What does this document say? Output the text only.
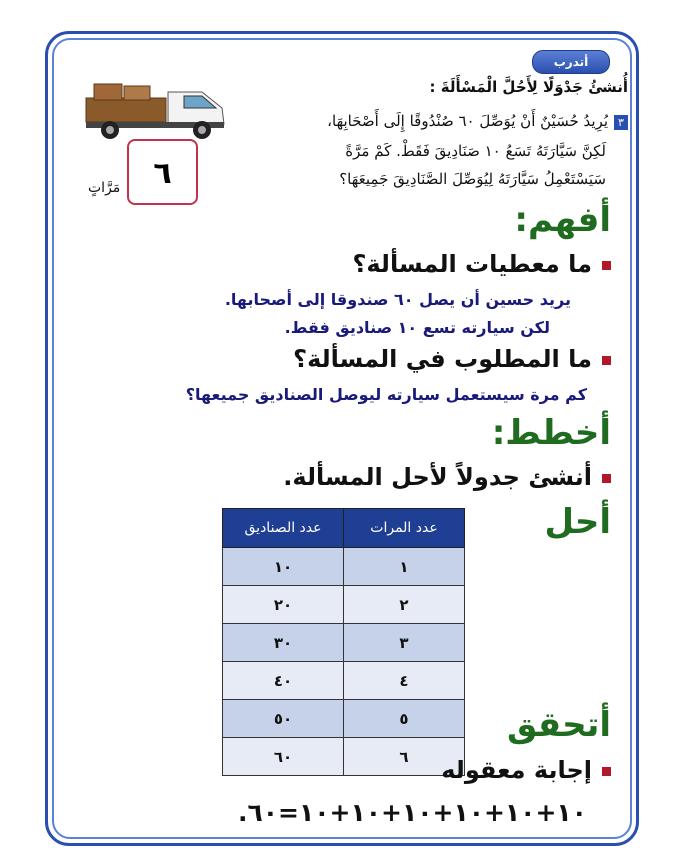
أتدرب
أُنشئُ جَدْوَلًا لِأَحُلَّ الْمَسْأَلَةَ :
٣يُرِيدُ حُسَيْنٌ أَنْ يُوَصِّلَ ٦٠ صُنْدُوقًا إِلَى أَصْحَابِهَا،
لَكِنَّ سَيَّارَتَهُ تَسَعُ ١٠ صَنَادِيقَ فَقَطْ. كَمْ مَرَّةً
سَيَسْتَعْمِلُ سَيَّارَتَهُ لِيُوَصِّلَ الصَّنَادِيقَ جَمِيعَهَا؟
٦
مَرَّاتٍ
أفهم:
ما معطيات المسألة؟
يريد حسين أن يصل ٦٠ صندوقا إلى أصحابها.
لكن سيارته تسع ١٠ صناديق فقط.
ما المطلوب في المسألة؟
كم مرة سيستعمل سيارته ليوصل الصناديق جميعها؟
أخطط:
أنشئ جدولاً لأحل المسألة.
أحل
عدد المرات	عدد الصناديق
١	١٠
٢	٢٠
٣	٣٠
٤	٤٠
٥	٥٠
٦	٦٠
أتحقق
إجابة معقوله
١٠+١٠+١٠+١٠+١٠+١٠=٦٠.
